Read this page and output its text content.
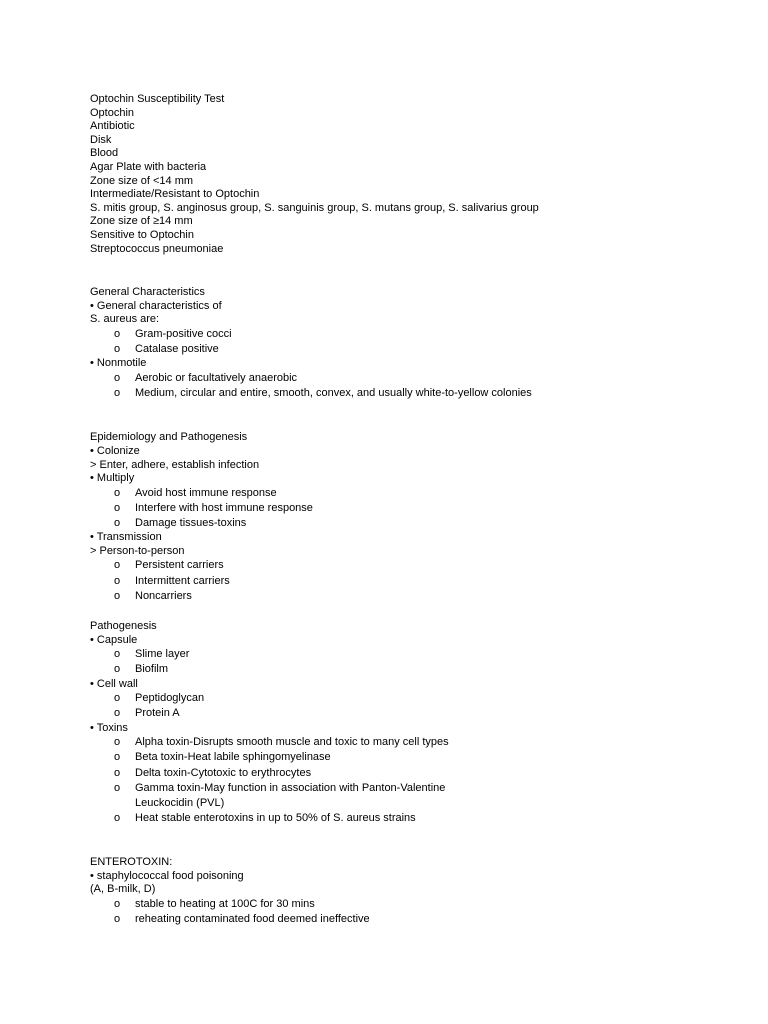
Optochin Susceptibility Test
Optochin
Antibiotic
Disk
Blood
Agar Plate with bacteria
Zone size of <14 mm
Intermediate/Resistant to Optochin
S. mitis group, S. anginosus group, S. sanguinis group, S. mutans group, S. salivarius group
Zone size of ≥14 mm
Sensitive to Optochin
Streptococcus pneumoniae
General Characteristics
• General characteristics of
S. aureus are:
o Gram-positive cocci
o Catalase positive
• Nonmotile
o Aerobic or facultatively anaerobic
o Medium, circular and entire, smooth, convex, and usually white-to-yellow colonies
Epidemiology and Pathogenesis
• Colonize
> Enter, adhere, establish infection
• Multiply
o Avoid host immune response
o Interfere with host immune response
o Damage tissues-toxins
• Transmission
> Person-to-person
o Persistent carriers
o Intermittent carriers
o Noncarriers
Pathogenesis
• Capsule
o Slime layer
o Biofilm
• Cell wall
o Peptidoglycan
o Protein A
• Toxins
o Alpha toxin-Disrupts smooth muscle and toxic to many cell types
o Beta toxin-Heat labile sphingomyelinase
o Delta toxin-Cytotoxic to erythrocytes
o Gamma toxin-May function in association with Panton-Valentine Leuckocidin (PVL)
o Heat stable enterotoxins in up to 50% of S. aureus strains
ENTEROTOXIN:
• staphylococcal food poisoning
(A, B-milk, D)
o stable to heating at 100C for 30 mins
o reheating contaminated food deemed ineffective
